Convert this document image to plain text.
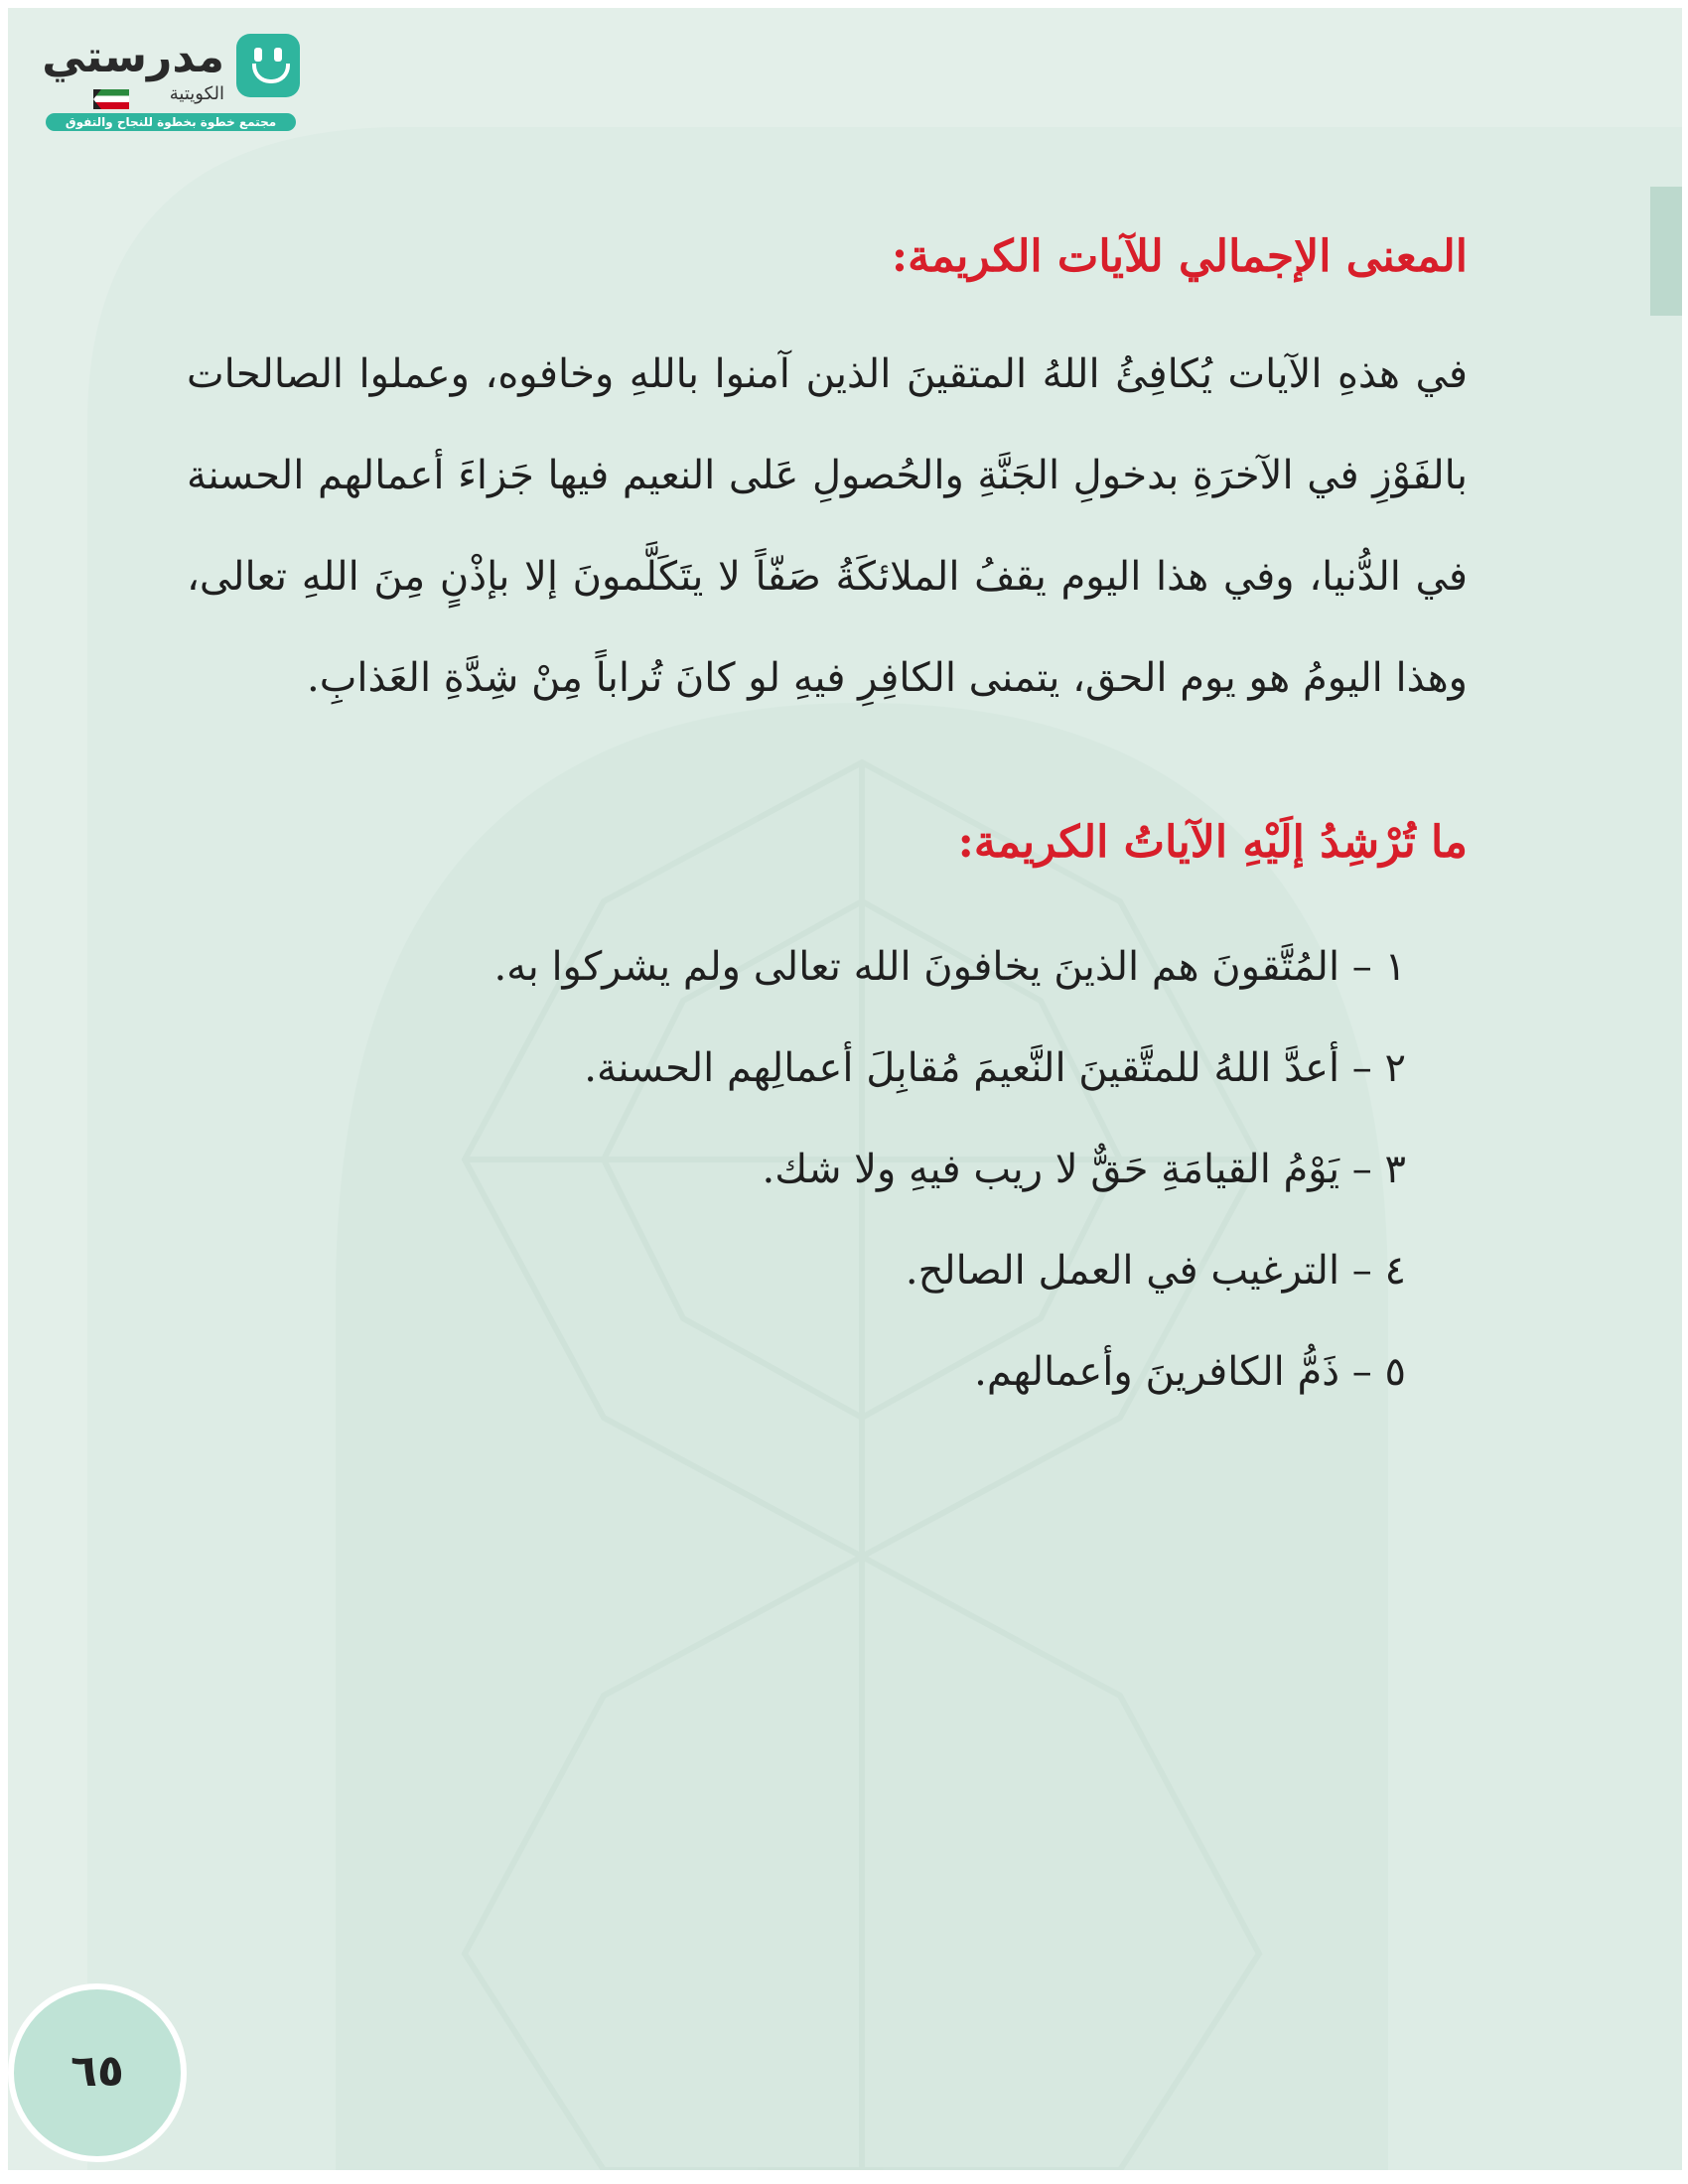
مدرستي
الكويتية
مجتمع خطوة بخطوة للنجاح والتفوق
المعنى الإجمالي للآيات الكريمة:

في هذهِ الآيات يُكافِئُ اللهُ المتقينَ الذين آمنوا باللهِ وخافوه، وعملوا الصالحات بالفَوْزِ في الآخرَةِ بدخولِ الجَنَّةِ والحُصولِ عَلى النعيم فيها جَزاءَ أعمالهم الحسنة في الدُّنيا، وفي هذا اليوم يقفُ الملائكَةُ صَفّاً لا يتَكَلَّمونَ إلا بإذْنٍ مِنَ اللهِ تعالى، وهذا اليومُ هو يوم الحق، يتمنى الكافِرِ فيهِ لو كانَ تُراباً مِنْ شِدَّةِ العَذابِ.

ما تُرْشِدُ إلَيْهِ الآياتُ الكريمة:
١ – المُتَّقونَ هم الذينَ يخافونَ الله تعالى ولم يشركوا به.
٢ – أعدَّ اللهُ للمتَّقينَ النَّعيمَ مُقابِلَ أعمالِهم الحسنة.
٣ – يَوْمُ القيامَةِ حَقٌّ لا ريب فيهِ ولا شك.
٤ – الترغيب في العمل الصالح.
٥ – ذَمُّ الكافرينَ وأعمالهم.
٦٥
